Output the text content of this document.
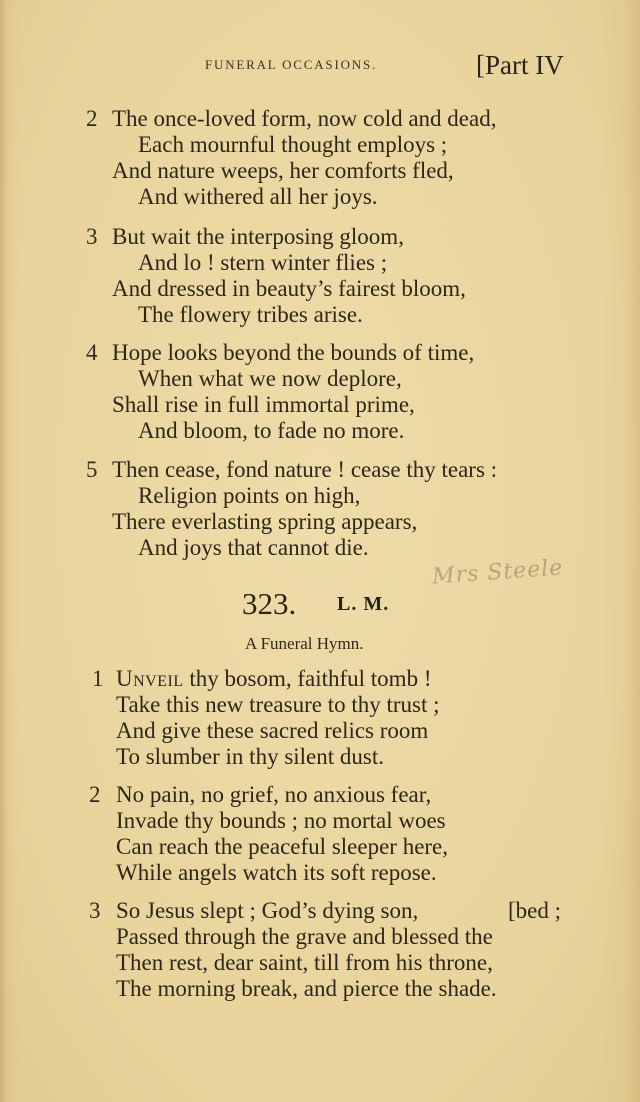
FUNERAL OCCASIONS.	[Part IV
2 The once-loved form, now cold and dead,
Each mournful thought employs ;
And nature weeps, her comforts fled,
And withered all her joys.
3 But wait the interposing gloom,
And lo ! stern winter flies ;
And dressed in beauty’s fairest bloom,
The flowery tribes arise.
4 Hope looks beyond the bounds of time,
When what we now deplore,
Shall rise in full immortal prime,
And bloom, to fade no more.
5 Then cease, fond nature ! cease thy tears :
Religion points on high,
There everlasting spring appears,
And joys that cannot die.
Mrs Steele
323. L. M.
A Funeral Hymn.
1 Unveil thy bosom, faithful tomb !
Take this new treasure to thy trust ;
And give these sacred relics room
To slumber in thy silent dust.
2 No pain, no grief, no anxious fear,
Invade thy bounds ; no mortal woes
Can reach the peaceful sleeper here,
While angels watch its soft repose.
3 So Jesus slept ; God’s dying son,	[bed ;
Passed through the grave and blessed the
Then rest, dear saint, till from his throne,
The morning break, and pierce the shade.
